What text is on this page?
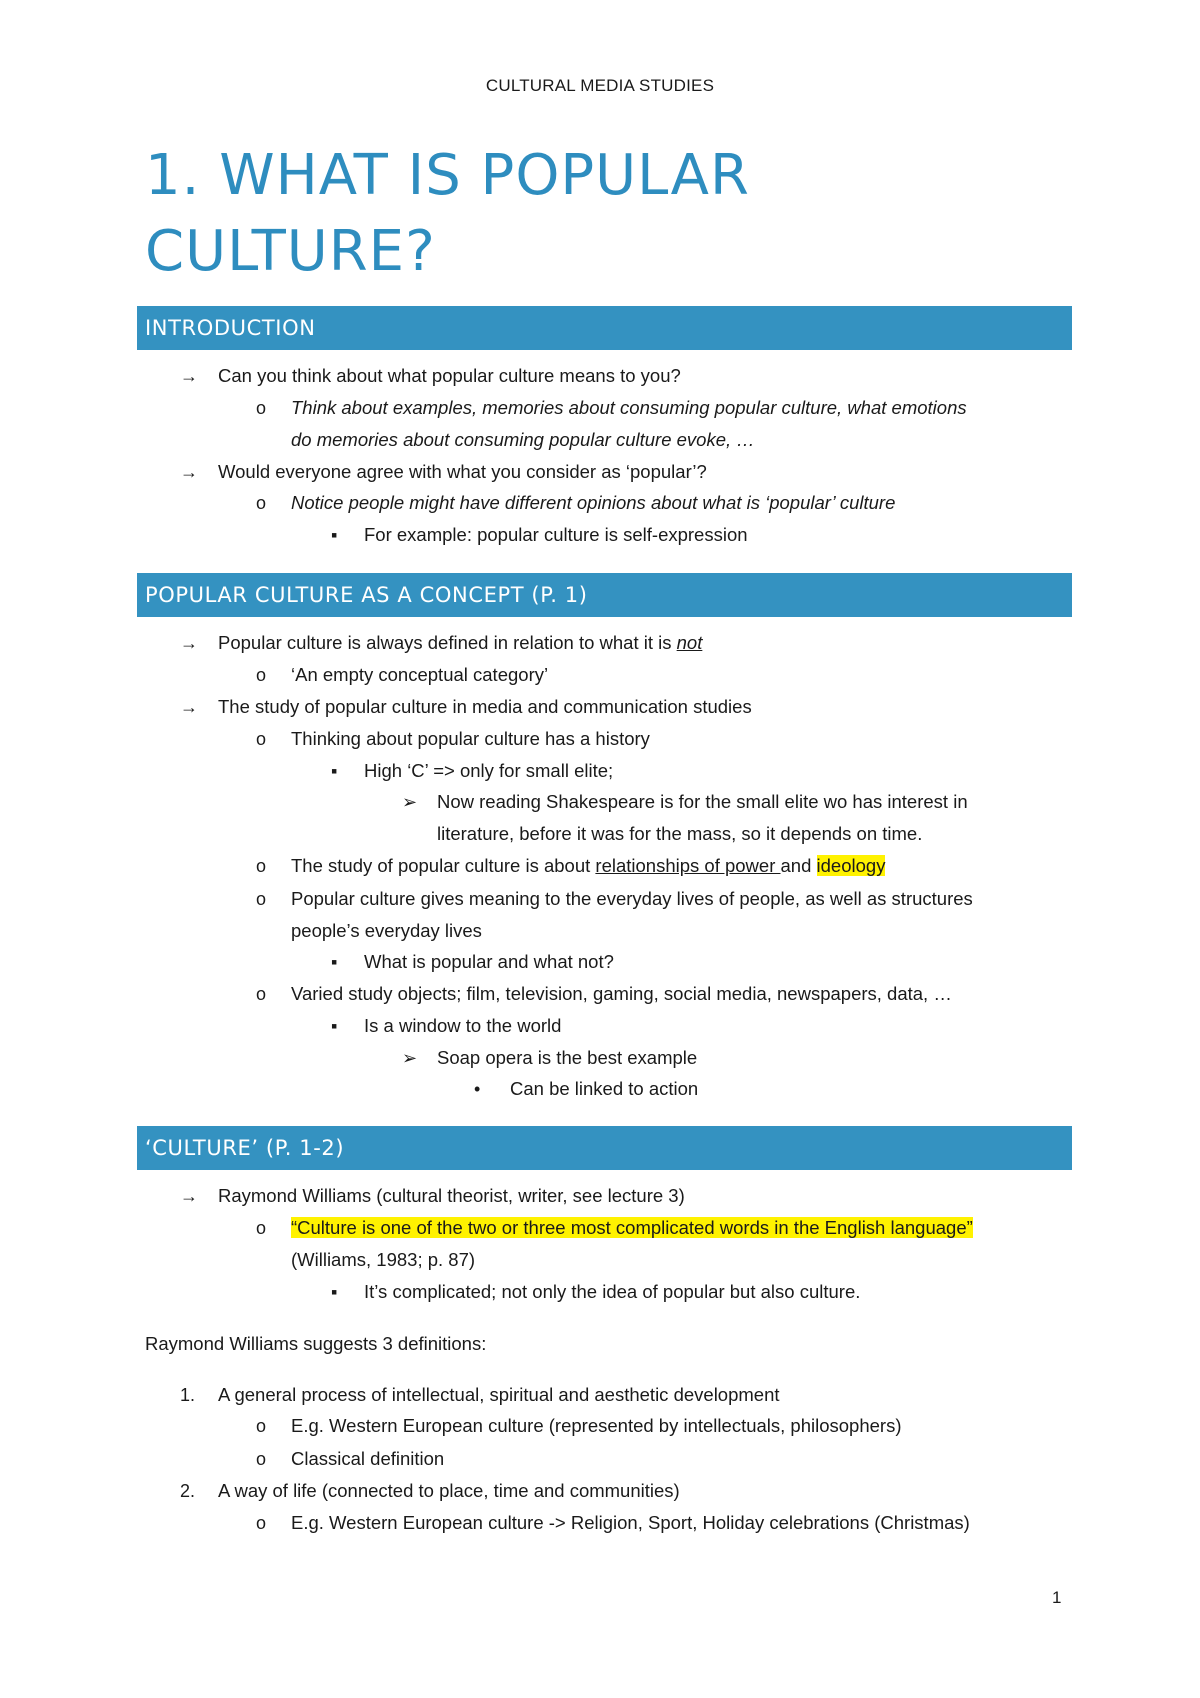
CULTURAL MEDIA STUDIES
1. WHAT IS POPULAR
CULTURE?
INTRODUCTION
→ Can you think about what popular culture means to you?
o Think about examples, memories about consuming popular culture, what emotions
do memories about consuming popular culture evoke, …
→ Would everyone agree with what you consider as ‘popular’?
o Notice people might have different opinions about what is ‘popular’ culture
▪ For example: popular culture is self-expression
POPULAR CULTURE AS A CONCEPT (P. 1)
→ Popular culture is always defined in relation to what it is not
o ‘An empty conceptual category’
→ The study of popular culture in media and communication studies
o Thinking about popular culture has a history
▪ High ‘C’ => only for small elite;
➢ Now reading Shakespeare is for the small elite wo has interest in
literature, before it was for the mass, so it depends on time.
o The study of popular culture is about relationships of power and ideology
o Popular culture gives meaning to the everyday lives of people, as well as structures
people’s everyday lives
▪ What is popular and what not?
o Varied study objects; film, television, gaming, social media, newspapers, data, …
▪ Is a window to the world
➢ Soap opera is the best example
• Can be linked to action
‘CULTURE’ (P. 1-2)
→ Raymond Williams (cultural theorist, writer, see lecture 3)
o “Culture is one of the two or three most complicated words in the English language”
(Williams, 1983; p. 87)
▪ It’s complicated; not only the idea of popular but also culture.
Raymond Williams suggests 3 definitions:
1. A general process of intellectual, spiritual and aesthetic development
o E.g. Western European culture (represented by intellectuals, philosophers)
o Classical definition
2. A way of life (connected to place, time and communities)
o E.g. Western European culture -> Religion, Sport, Holiday celebrations (Christmas)
1
